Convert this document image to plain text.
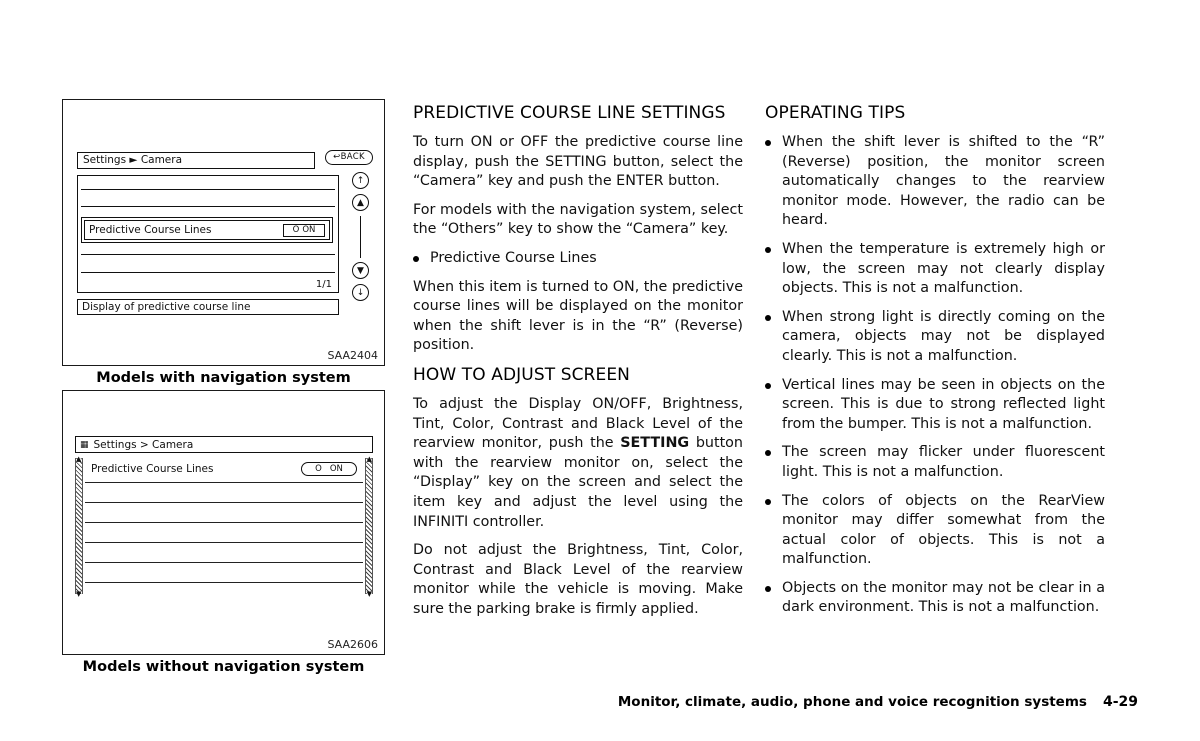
Settings ► Camera	↩BACK
Predictive Course Lines	O ON
1/1
↑
▲
▼
↓
Display of predictive course line
SAA2404
Models with navigation system
▦ Settings > Camera
▲
▼
▲
▼
Predictive Course Lines	O ON
SAA2606
Models without navigation system
PREDICTIVE COURSE LINE SETTINGS

To turn ON or OFF the predictive course line display, push the SETTING button, select the “Camera” key and push the ENTER button.

For models with the navigation system, select the “Others” key to show the “Camera” key.

Predictive Course Lines

When this item is turned to ON, the predictive course lines will be displayed on the monitor when the shift lever is in the “R” (Reverse) position.

HOW TO ADJUST SCREEN

To adjust the Display ON/OFF, Brightness, Tint, Color, Contrast and Black Level of the rearview monitor, push the SETTING button with the rearview monitor on, select the “Display” key on the screen and select the item key and adjust the level using the INFINITI controller.

Do not adjust the Brightness, Tint, Color, Contrast and Black Level of the rearview monitor while the vehicle is moving. Make sure the parking brake is firmly applied.

OPERATING TIPS

When the shift lever is shifted to the “R” (Reverse) position, the monitor screen automatically changes to the rearview monitor mode. However, the radio can be heard.

When the temperature is extremely high or low, the screen may not clearly display objects. This is not a malfunction.

When strong light is directly coming on the camera, objects may not be displayed clearly. This is not a malfunction.

Vertical lines may be seen in objects on the screen. This is due to strong reflected light from the bumper. This is not a malfunction.

The screen may flicker under fluorescent light. This is not a malfunction.

The colors of objects on the RearView monitor may differ somewhat from the actual color of objects. This is not a malfunction.

Objects on the monitor may not be clear in a dark environment. This is not a malfunction.

Monitor, climate, audio, phone and voice recognition systems 4-29
